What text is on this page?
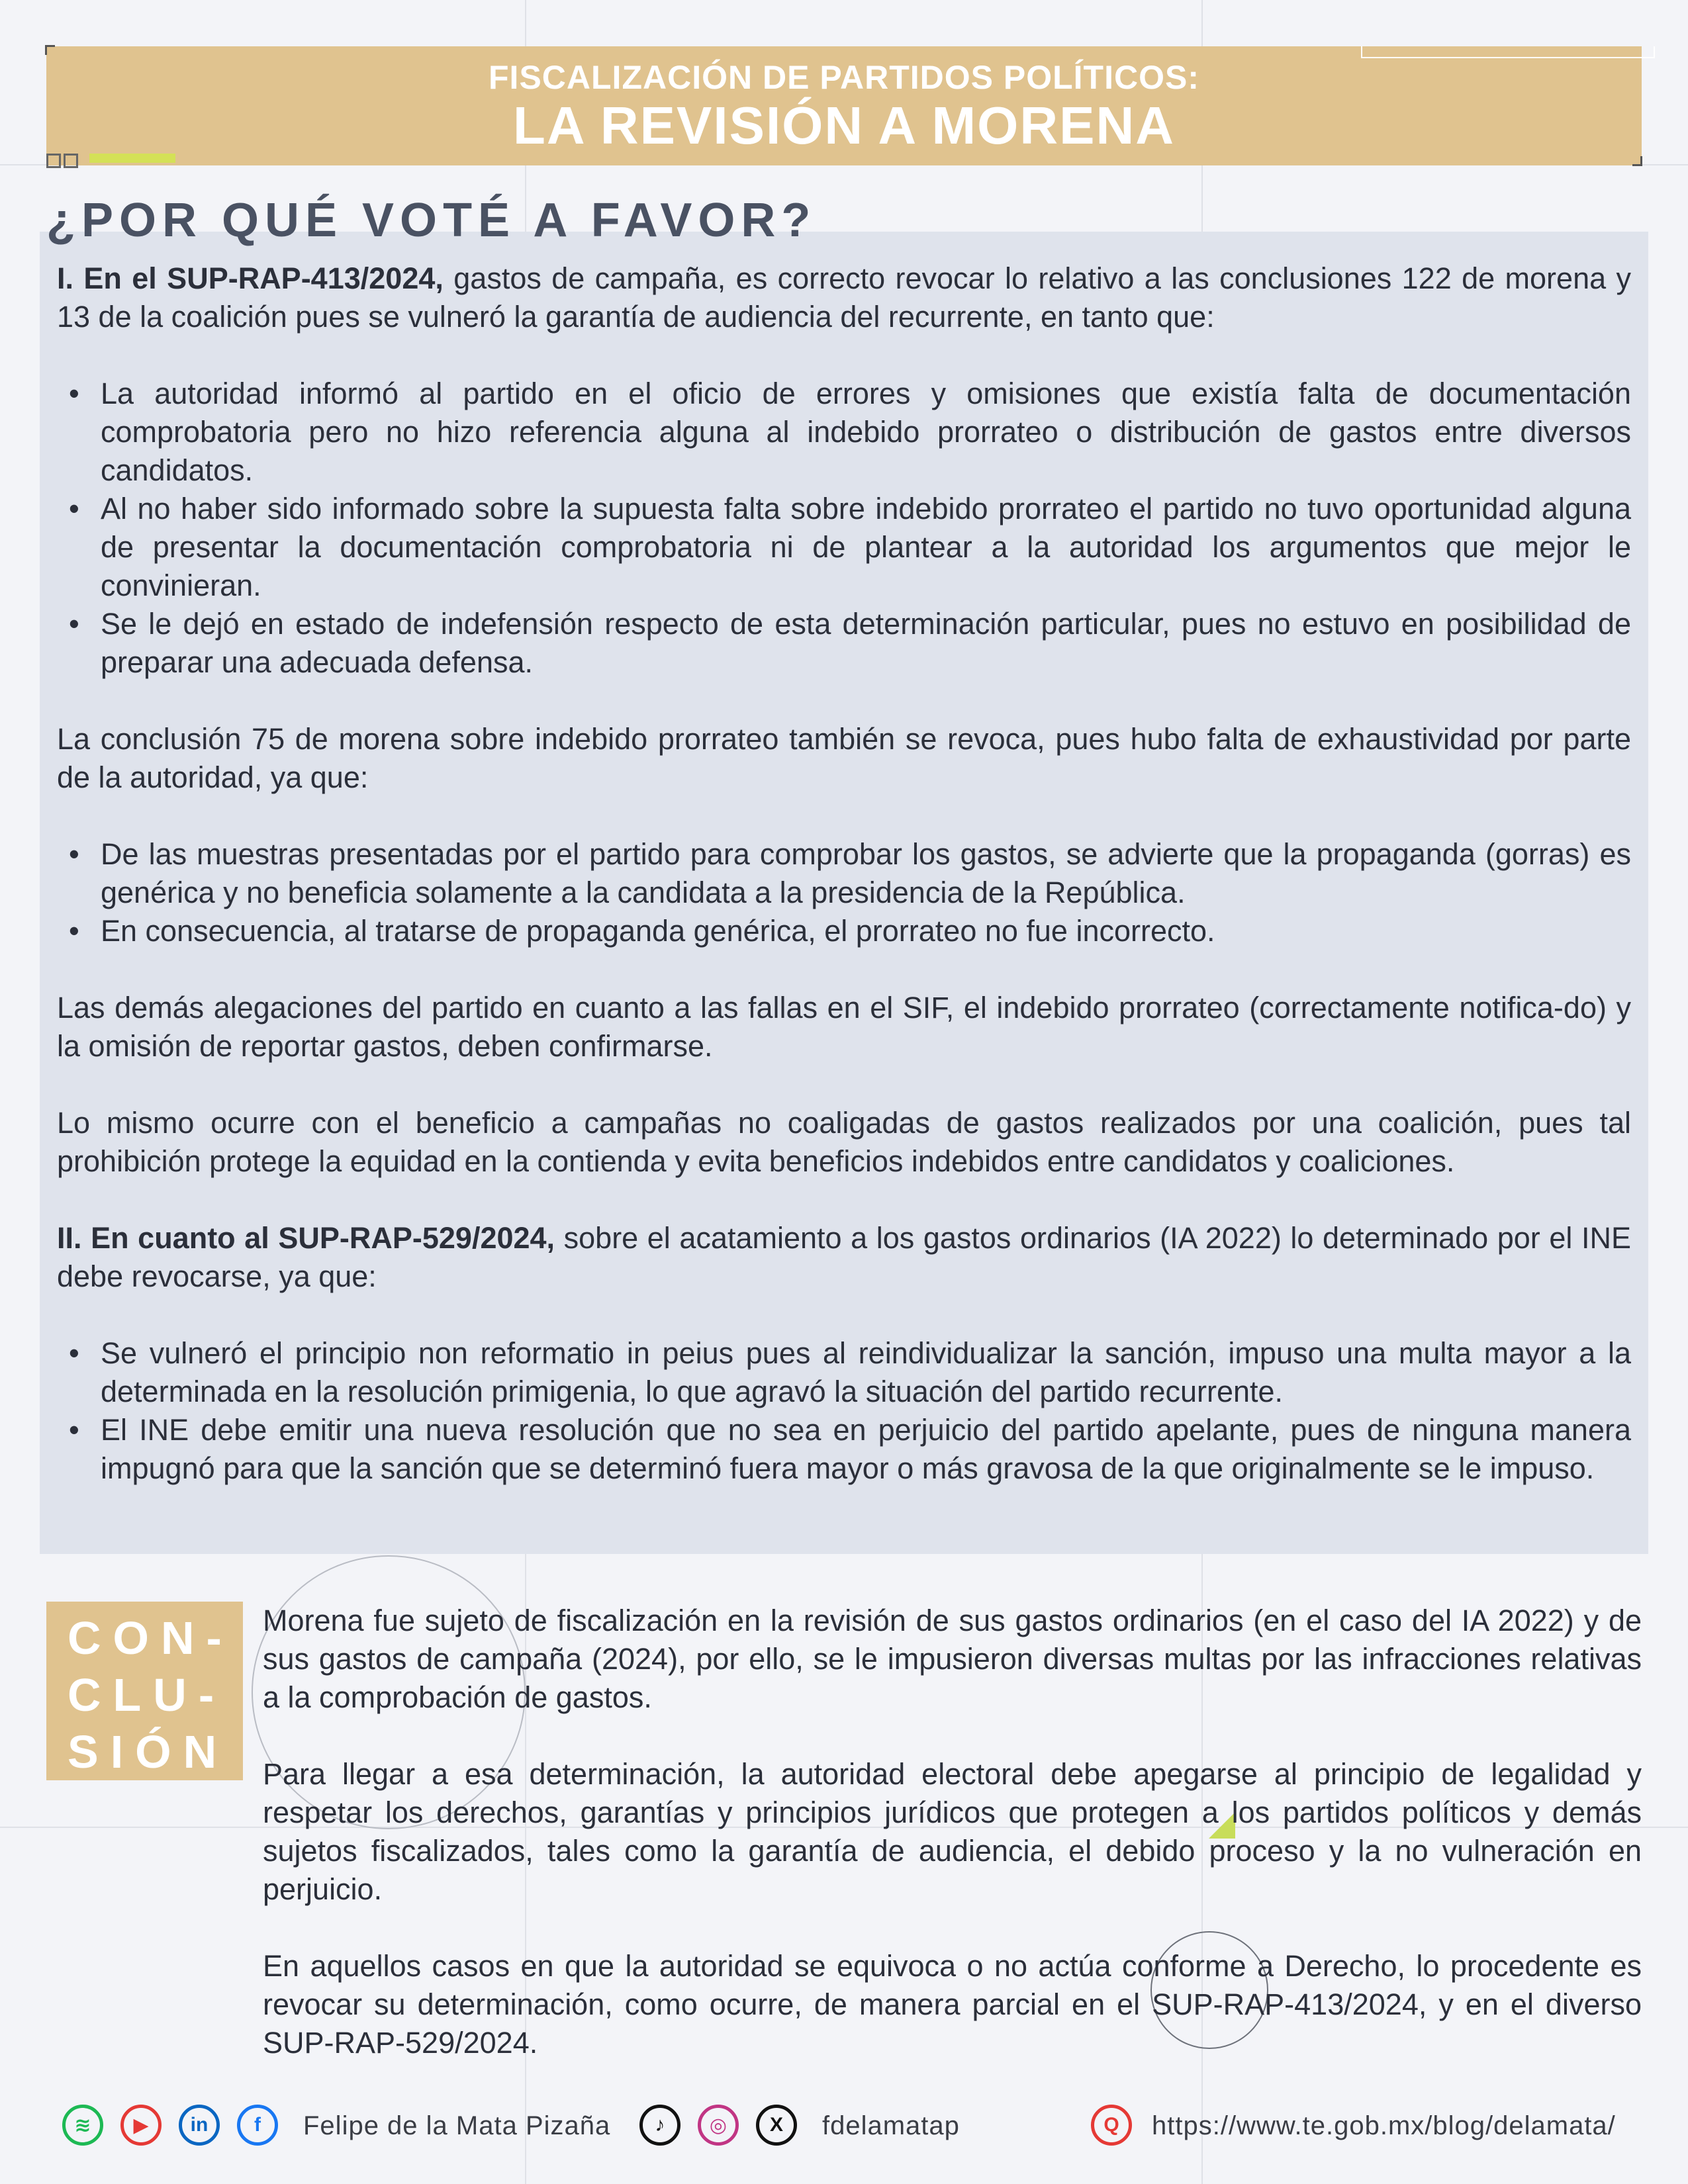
FISCALIZACIÓN DE PARTIDOS POLÍTICOS:
LA REVISIÓN A MORENA
¿POR QUÉ VOTÉ A FAVOR?

I. En el SUP-RAP-413/2024, gastos de campaña, es correcto revocar lo relativo a las conclusiones 122 de morena y 13 de la coalición pues se vulneró la garantía de audiencia del recurrente, en tanto que:

• La autoridad informó al partido en el oficio de errores y omisiones que existía falta de documentación comprobatoria pero no hizo referencia alguna al indebido prorrateo o distribución de gastos entre diversos candidatos.
• Al no haber sido informado sobre la supuesta falta sobre indebido prorrateo el partido no tuvo oportunidad alguna de presentar la documentación comprobatoria ni de plantear a la autoridad los argumentos que mejor le convinieran.
• Se le dejó en estado de indefensión respecto de esta determinación particular, pues no estuvo en posibilidad de preparar una adecuada defensa.

La conclusión 75 de morena sobre indebido prorrateo también se revoca, pues hubo falta de exhaustividad por parte de la autoridad, ya que:

• De las muestras presentadas por el partido para comprobar los gastos, se advierte que la propaganda (gorras) es genérica y no beneficia solamente a la candidata a la presidencia de la República.
• En consecuencia, al tratarse de propaganda genérica, el prorrateo no fue incorrecto.

Las demás alegaciones del partido en cuanto a las fallas en el SIF, el indebido prorrateo (correctamente notifica-do) y la omisión de reportar gastos, deben confirmarse.

Lo mismo ocurre con el beneficio a campañas no coaligadas de gastos realizados por una coalición, pues tal prohibición protege la equidad en la contienda y evita beneficios indebidos entre candidatos y coaliciones.

II. En cuanto al SUP-RAP-529/2024, sobre el acatamiento a los gastos ordinarios (IA 2022) lo determinado por el INE debe revocarse, ya que:

• Se vulneró el principio non reformatio in peius pues al reindividualizar la sanción, impuso una multa mayor a la determinada en la resolución primigenia, lo que agravó la situación del partido recurrente.
• El INE debe emitir una nueva resolución que no sea en perjuicio del partido apelante, pues de ninguna manera impugnó para que la sanción que se determinó fuera mayor o más gravosa de la que originalmente se le impuso.
CON-
CLU-
SIÓN

Morena fue sujeto de fiscalización en la revisión de sus gastos ordinarios (en el caso del IA 2022) y de sus gastos de campaña (2024), por ello, se le impusieron diversas multas por las infracciones relativas a la comprobación de gastos.

Para llegar a esa determinación, la autoridad electoral debe apegarse al principio de legalidad y respetar los derechos, garantías y principios jurídicos que protegen a los partidos políticos y demás sujetos fiscalizados, tales como la garantía de audiencia, el debido proceso y la no vulneración en perjuicio.

En aquellos casos en que la autoridad se equivoca o no actúa conforme a Derecho, lo procedente es revocar su determinación, como ocurre, de manera parcial en el SUP-RAP-413/2024, y en el diverso SUP-RAP-529/2024.

≋	▶	in	f	Felipe de la Mata Pizaña	♪	◎	X	fdelamatap	Q	https://www.te.gob.mx/blog/delamata/
